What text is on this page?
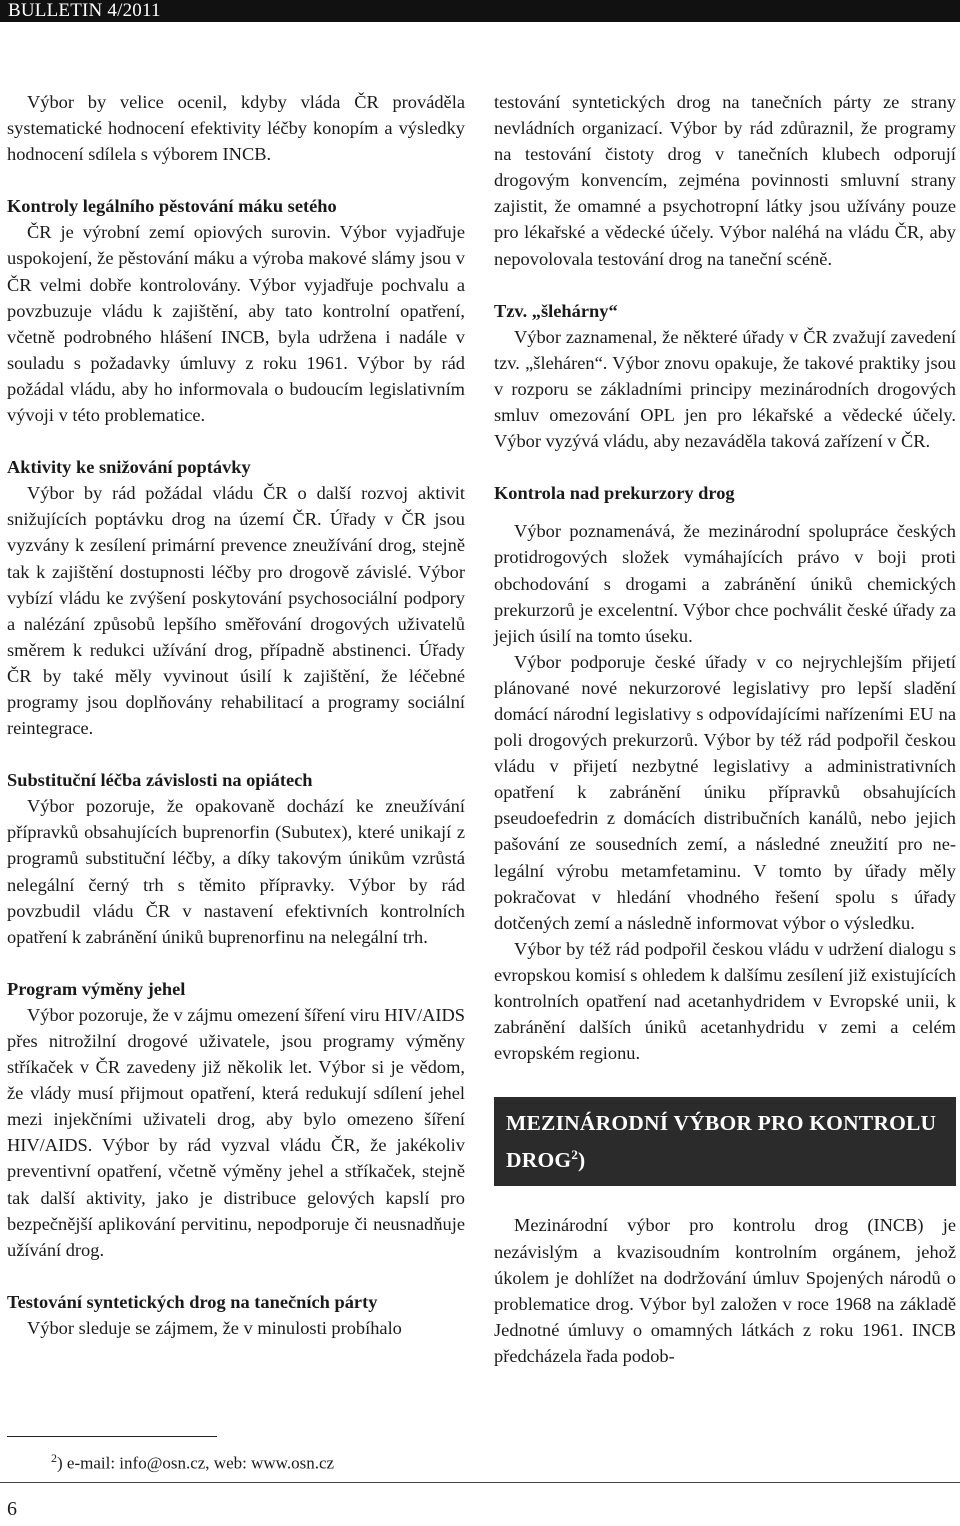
BULLETIN 4/2011

Výbor by velice ocenil, kdyby vláda ČR prováděla systematické hodnocení efektivity léčby konopím a výsledky hodnocení sdílela s výborem INCB.

Kontroly legálního pěstování máku setého

ČR je výrobní zemí opiových surovin. Výbor vyjadřuje uspokojení, že pěstování máku a výroba makové slámy jsou v ČR velmi dobře kontrolovány. Výbor vyjadřuje pochvalu a povzbuzuje vládu k zajištění, aby tato kontrolní opatření, včetně podrobného hlášení INCB, byla udržena i nadále v souladu s požadavky úmluvy z roku 1961. Výbor by rád požádal vládu, aby ho informovala o budoucím legislativním vývoji v této problematice.

Aktivity ke snižování poptávky

Výbor by rád požádal vládu ČR o další rozvoj aktivit snižujících poptávku drog na území ČR. Úřady v ČR jsou vyzvány k zesílení primární prevence zneužívání drog, stejně tak k zajištění dostupnosti léčby pro drogově závislé. Výbor vybízí vládu ke zvýšení poskytování psychosociální podpory a nalézání způsobů lepšího směřování drogových uživatelů směrem k redukci užívání drog, případně abstinenci. Úřady ČR by také měly vyvinout úsilí k zajištění, že léčebné programy jsou doplňovány rehabilitací a programy sociální reintegrace.

Substituční léčba závislosti na opiátech

Výbor pozoruje, že opakovaně dochází ke zneužívání přípravků obsahujících buprenorfin (Subutex), které unikají z programů substituční léčby, a díky takovým únikům vzrůstá nelegální černý trh s těmito přípravky. Výbor by rád povzbudil vládu ČR v nastavení efektivních kontrolních opatření k zabránění úniků buprenorfinu na nelegální trh.

Program výměny jehel

Výbor pozoruje, že v zájmu omezení šíření viru HIV/AIDS přes nitrožilní drogové uživatele, jsou programy výměny stříkaček v ČR zavedeny již několik let. Výbor si je vědom, že vlády musí přijmout opatření, která redukují sdílení jehel mezi injekčními uživateli drog, aby bylo omezeno šíření HIV/AIDS. Výbor by rád vyzval vládu ČR, že jakékoliv preventivní opatření, včetně výměny jehel a stříkaček, stejně tak další aktivity, jako je distribuce gelových kapslí pro bezpečnější aplikování pervitinu, nepodporuje či neusnadňuje užívání drog.

Testování syntetických drog na tanečních párty

Výbor sleduje se zájmem, že v minulosti probíhalo

testování syntetických drog na tanečních párty ze strany nevládních organizací. Výbor by rád zdůraznil, že programy na testování čistoty drog v tanečních klubech odporují drogovým konvencím, zejména povinnosti smluvní strany zajistit, že omamné a psychotropní látky jsou užívány pouze pro lékařské a vědecké účely. Výbor naléhá na vládu ČR, aby nepovolovala testování drog na taneční scéně.

Tzv. „šlehárny“

Výbor zaznamenal, že některé úřady v ČR zvažují zavedení tzv. „šleháren“. Výbor znovu opakuje, že takové praktiky jsou v rozporu se základními principy mezinárodních drogových smluv omezování OPL jen pro lékařské a vědecké účely. Výbor vyzývá vládu, aby nezaváděla taková zařízení v ČR.

Kontrola nad prekurzory drog

Výbor poznamenává, že mezinárodní spolupráce českých protidrogových složek vymáhajících právo v boji proti obchodování s drogami a zabránění úniků chemických prekurzorů je excelentní. Výbor chce pochválit české úřady za jejich úsilí na tomto úseku.

Výbor podporuje české úřady v co nejrychlejším přijetí plánované nové nekurzorové legislativy pro lepší sladění domácí národní legislativy s odpovídajícími nařízeními EU na poli drogových prekurzorů. Výbor by též rád podpořil českou vládu v přijetí nezbytné legislativy a administrativních opatření k zabránění úniku přípravků obsahujících pseudoefedrin z domácích distribučních kanálů, nebo jejich pašování ze sousedních zemí, a následné zneužití pro nelegální výrobu metamfetaminu. V tomto by úřady měly pokračovat v hledání vhodného řešení spolu s úřady dotčených zemí a následně informovat výbor o výsledku.

Výbor by též rád podpořil českou vládu v udržení dialogu s evropskou komisí s ohledem k dalšímu zesílení již existujících kontrolních opatření nad acetanhydridem v Evropské unii, k zabránění dalších úniků acetanhydridu v zemi a celém evropském regionu.

MEZINÁRODNÍ VÝBOR PRO KONTROLU DROG$^2$)

Mezinárodní výbor pro kontrolu drog (INCB) je nezávislým a kvazisoudním kontrolním orgánem, jehož úkolem je dohlížet na dodržování úmluv Spojených národů o problematice drog. Výbor byl založen v roce 1968 na základě Jednotné úmluvy o omamných látkách z roku 1961. INCB předcházela řada podob-

$^2$) e-mail: info@osn.cz, web: www.osn.cz
6
